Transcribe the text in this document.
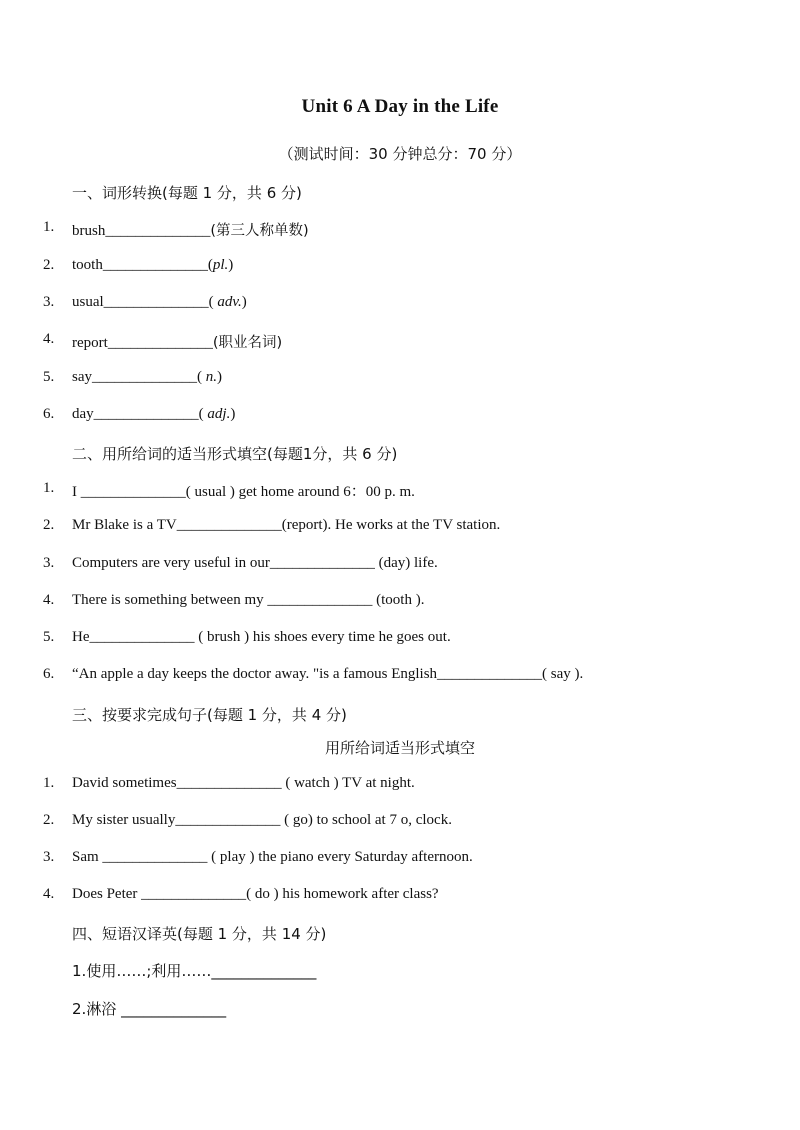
Unit 6 A Day in the Life
（测试时间：30 分钟总分：70 分）
一、词形转换(每题 1 分，共 6 分)
1. brush______________(第三人称单数)
2. tooth______________(pl.)
3. usual______________( adv.)
4. report______________(职业名词)
5. say______________( n.)
6. day______________( adj.)
二、用所给词的适当形式填空(每题1分，共 6 分)
1. I ______________( usual ) get home around 6：00 p. m.
2. Mr Blake is a TV______________(report). He works at the TV station.
3. Computers are very useful in our______________ (day) life.
4. There is something between my ______________ (tooth ).
5. He______________ ( brush ) his shoes every time he goes out.
6. “An apple a day keeps the doctor away. "is a famous English______________( say ).
三、按要求完成句子(每题 1 分，共 4 分)
用所给词适当形式填空
1. David sometimes______________ ( watch ) TV at night.
2. My sister usually______________ ( go) to school at 7 o, clock.
3. Sam ______________ ( play ) the piano every Saturday afternoon.
4. Does Peter ______________( do ) his homework after class?
四、短语汉译英(每题 1 分，共 14 分)
1.使用……;利用……______________
2.淋浴 ______________
